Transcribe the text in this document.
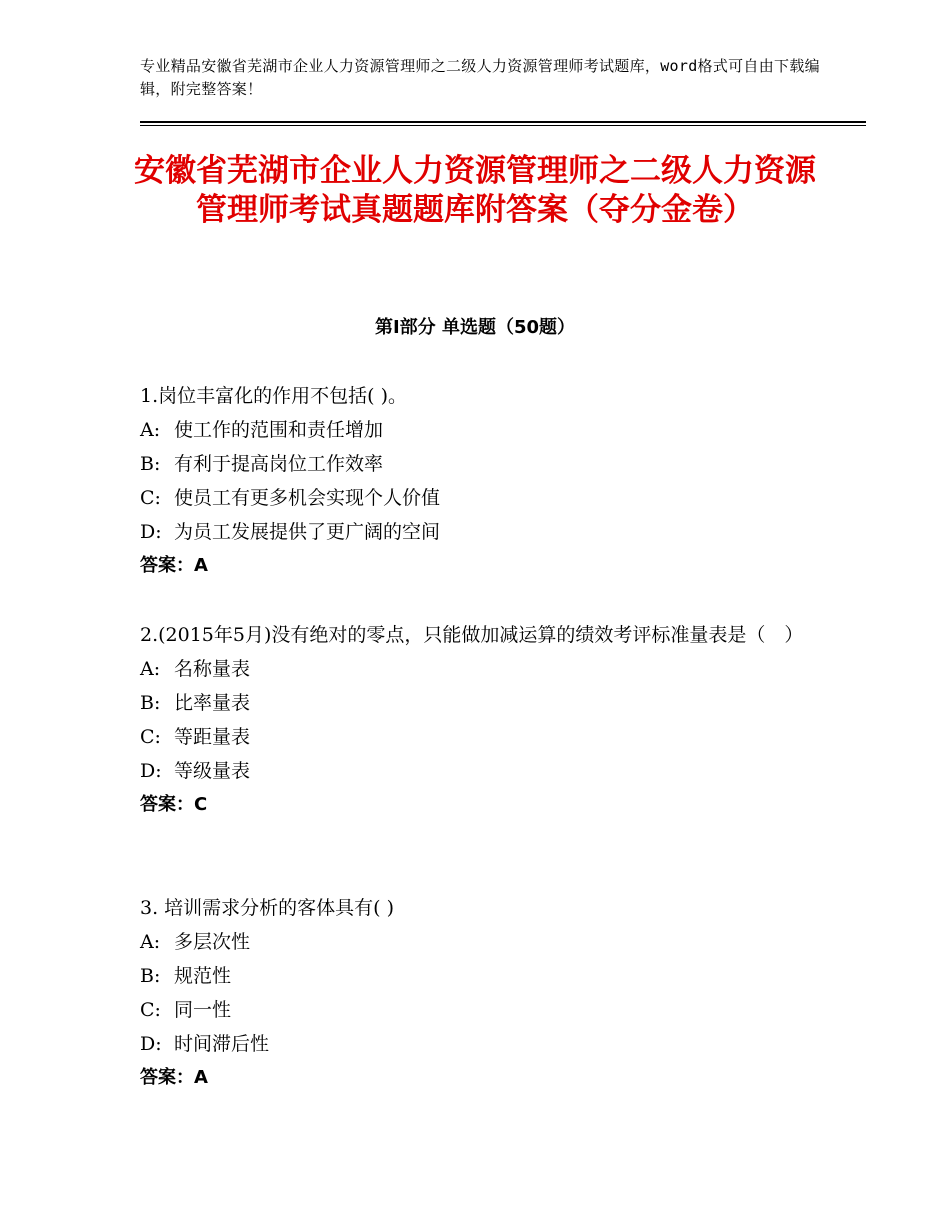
专业精品安徽省芜湖市企业人力资源管理师之二级人力资源管理师考试题库，word格式可自由下载编辑，附完整答案！
安徽省芜湖市企业人力资源管理师之二级人力资源管理师考试真题题库附答案（夺分金卷）
第Ⅰ部分 单选题（50题）
1.岗位丰富化的作用不包括( )。
A: 使工作的范围和责任增加
B: 有利于提高岗位工作效率
C: 使员工有更多机会实现个人价值
D: 为员工发展提供了更广阔的空间
答案：A
2.(2015年5月)没有绝对的零点，只能做加减运算的绩效考评标准量表是（　）
A: 名称量表
B: 比率量表
C: 等距量表
D: 等级量表
答案：C
3. 培训需求分析的客体具有( )
A: 多层次性
B: 规范性
C: 同一性
D: 时间滞后性
答案：A
